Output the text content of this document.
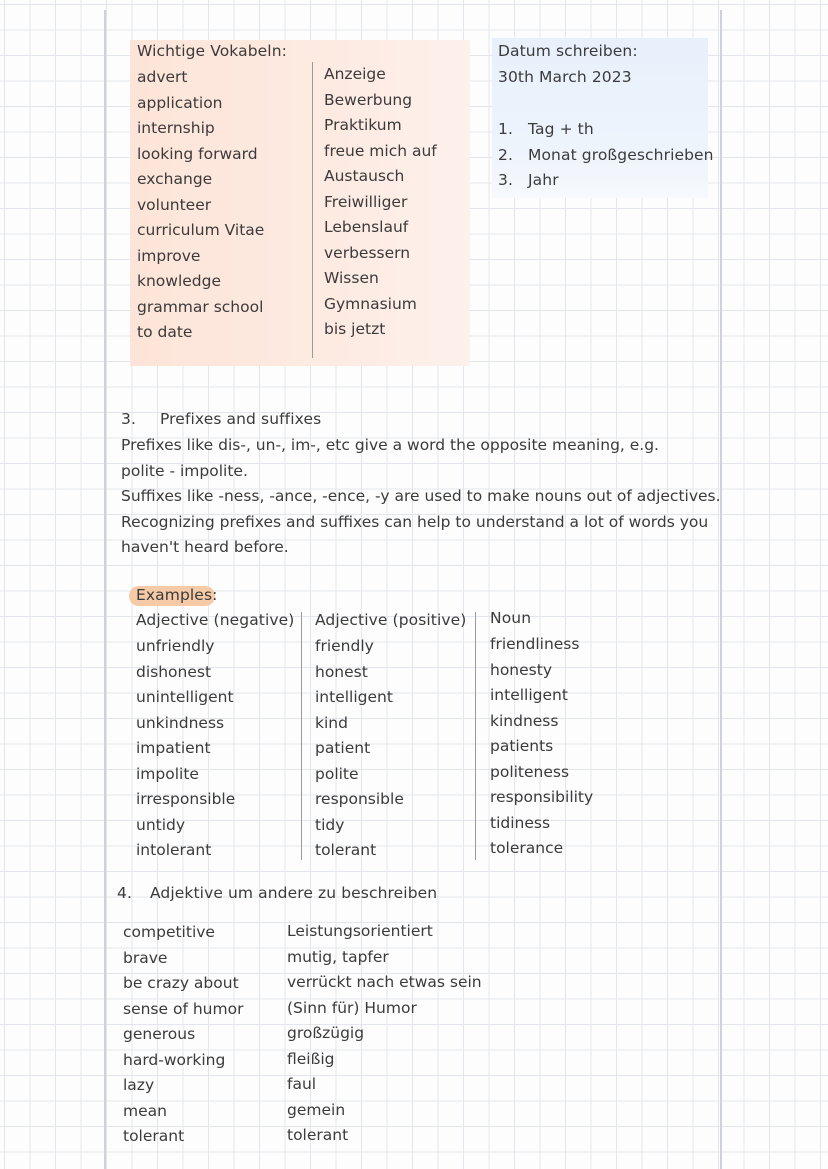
Wichtige Vokabeln:
advert
application
internship
looking forward
exchange
volunteer
curriculum Vitae
improve
knowledge
grammar school
to date
Anzeige
Bewerbung
Praktikum
freue mich auf
Austausch
Freiwilliger
Lebenslauf
verbessern
Wissen
Gymnasium
bis jetzt
Datum schreiben:
30th March 2023
1. Tag + th
2. Monat großgeschrieben
3. Jahr
3. Prefixes and suffixes
Prefixes like dis-, un-, im-, etc give a word the opposite meaning, e.g. polite - impolite.
Suffixes like -ness, -ance, -ence, -y are used to make nouns out of adjectives. Recognizing prefixes and suffixes can help to understand a lot of words you haven't heard before.
Examples:
Adjective (negative) Adjective (positive) Noun
unfriendly
dishonest
unintelligent
unkindness
impatient
impolite
irresponsible
untidy
intolerant
friendly
honest
intelligent
kind
patient
polite
responsible
tidy
tolerant
friendliness
honesty
intelligent
kindness
patients
politeness
responsibility
tidiness
tolerance
4. Adjektive um andere zu beschreiben
competitive
brave
be crazy about
sense of humor
generous
hard-working
lazy
mean
tolerant
Leistungsorientiert
mutig, tapfer
verrückt nach etwas sein
(Sinn für) Humor
großzügig
fleißig
faul
gemein
tolerant
